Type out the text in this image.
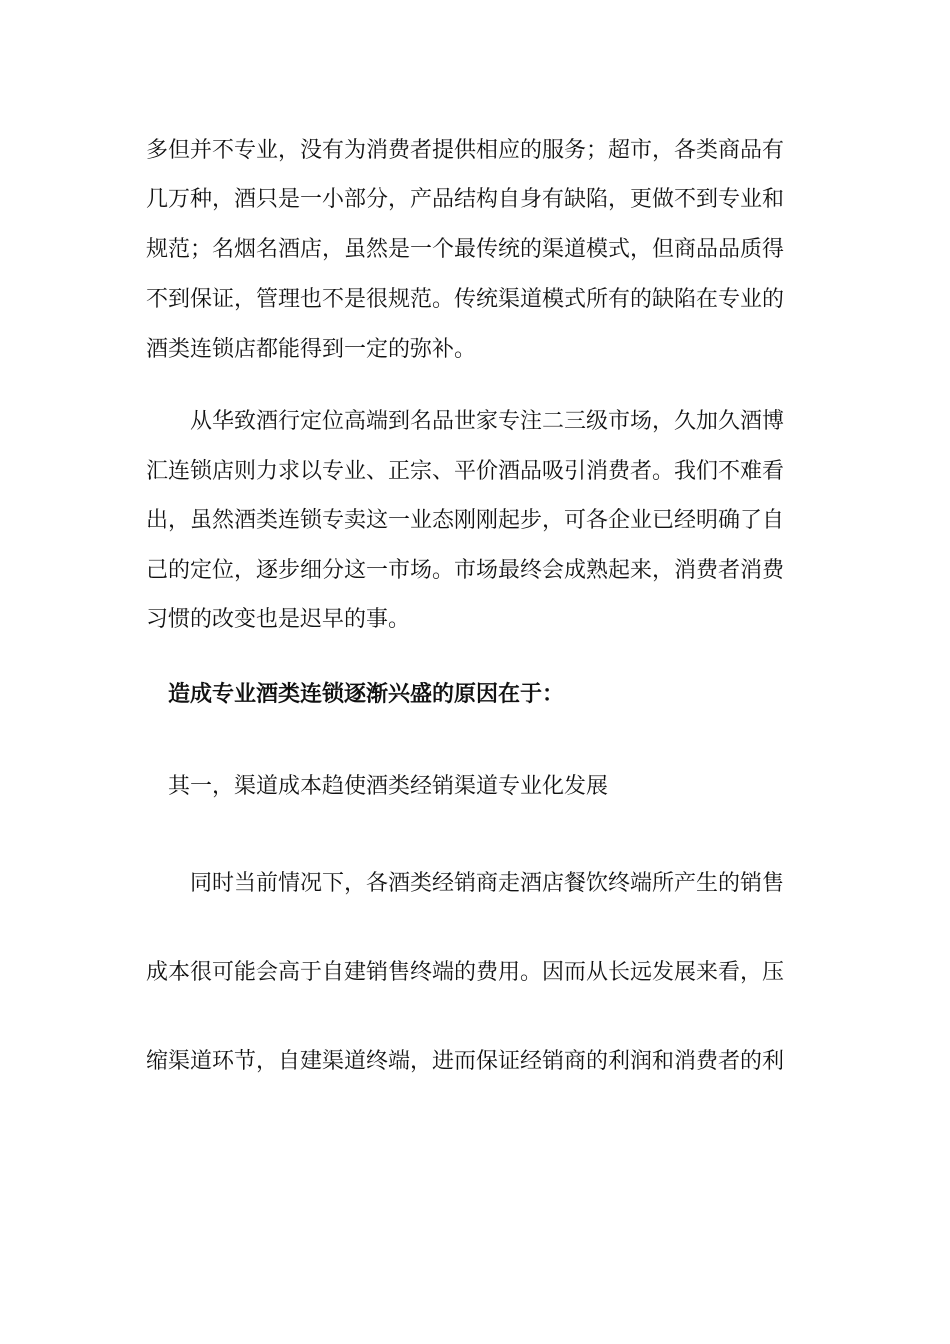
多但并不专业，没有为消费者提供相应的服务；超市，各类商品有
几万种，酒只是一小部分，产品结构自身有缺陷，更做不到专业和
规范；名烟名酒店，虽然是一个最传统的渠道模式，但商品品质得
不到保证，管理也不是很规范。传统渠道模式所有的缺陷在专业的
酒类连锁店都能得到一定的弥补。
从华致酒行定位高端到名品世家专注二三级市场，久加久酒博
汇连锁店则力求以专业、正宗、平价酒品吸引消费者。我们不难看
出，虽然酒类连锁专卖这一业态刚刚起步，可各企业已经明确了自
己的定位，逐步细分这一市场。市场最终会成熟起来，消费者消费
习惯的改变也是迟早的事。
造成专业酒类连锁逐渐兴盛的原因在于：
其一，渠道成本趋使酒类经销渠道专业化发展
同时当前情况下，各酒类经销商走酒店餐饮终端所产生的销售
成本很可能会高于自建销售终端的费用。因而从长远发展来看，压
缩渠道环节，自建渠道终端，进而保证经销商的利润和消费者的利
